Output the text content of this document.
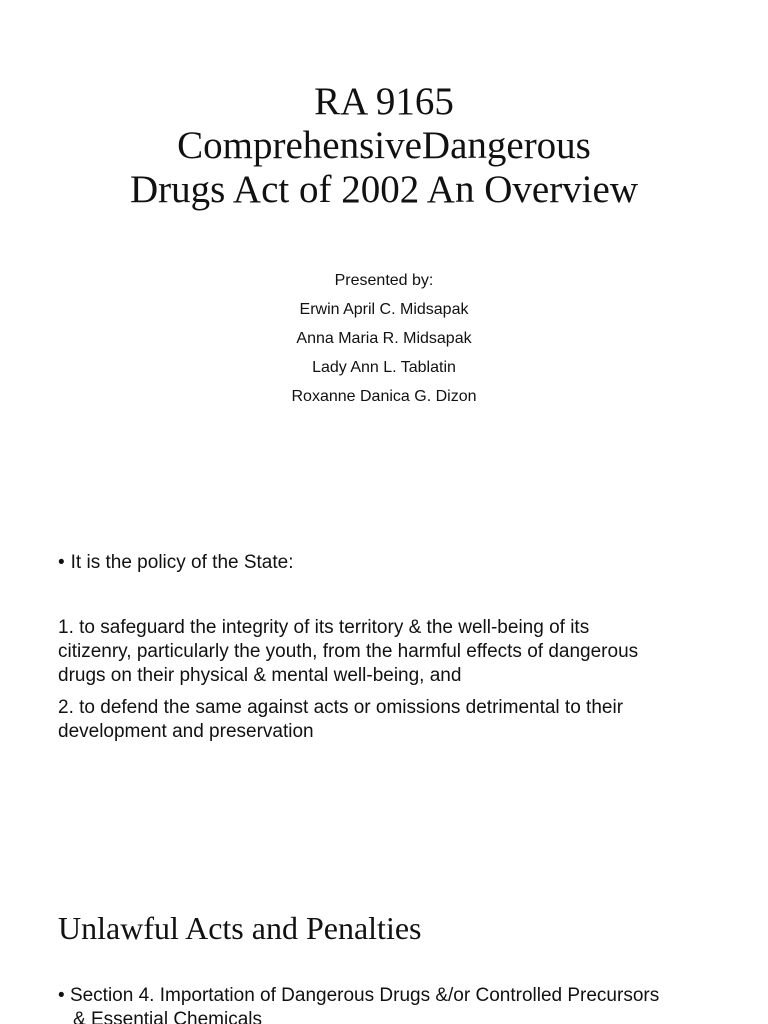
RA 9165
ComprehensiveDangerous
Drugs Act of 2002 An Overview
Presented by:
Erwin April C. Midsapak
Anna Maria R. Midsapak
Lady Ann L. Tablatin
Roxanne Danica G. Dizon
• It is the policy of the State:
1. to safeguard the integrity of its territory & the well-being of its
citizenry, particularly the youth, from the harmful effects of dangerous
drugs on their physical & mental well-being, and
2. to defend the same against acts or omissions detrimental to their
development and preservation
Unlawful Acts and Penalties
• Section 4. Importation of Dangerous Drugs &/or Controlled Precursors
& Essential Chemicals
